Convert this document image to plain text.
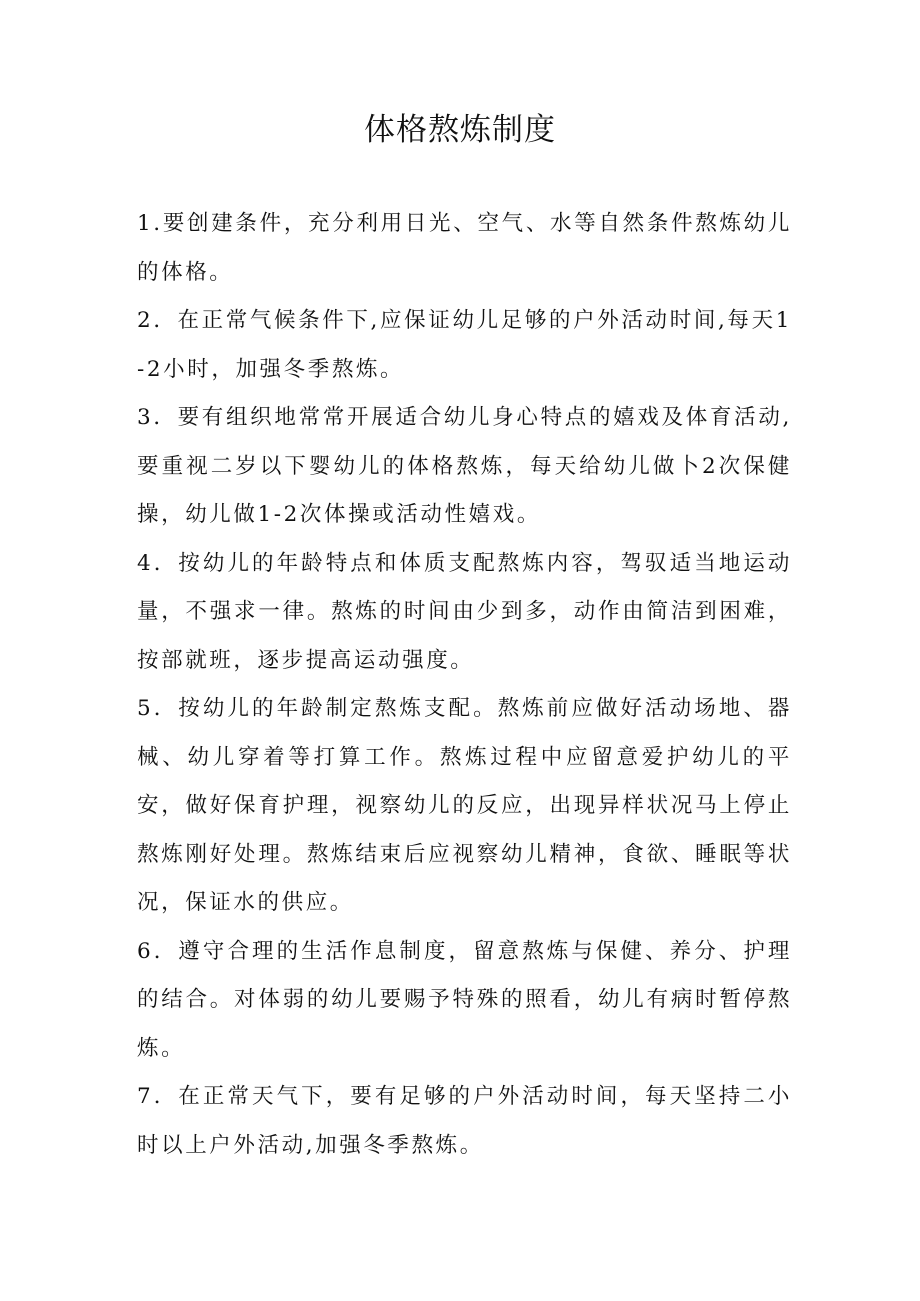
体格熬炼制度

1.要创建条件，充分利用日光、空气、水等自然条件熬炼幼儿的体格。

2．在正常气候条件下,应保证幼儿足够的户外活动时间,每天1-2小时，加强冬季熬炼。

3．要有组织地常常开展适合幼儿身心特点的嬉戏及体育活动,要重视二岁以下婴幼儿的体格熬炼，每天给幼儿做卜2次保健操，幼儿做1-2次体操或活动性嬉戏。

4．按幼儿的年龄特点和体质支配熬炼内容，驾驭适当地运动量，不强求一律。熬炼的时间由少到多，动作由简洁到困难，按部就班，逐步提高运动强度。

5．按幼儿的年龄制定熬炼支配。熬炼前应做好活动场地、器械、幼儿穿着等打算工作。熬炼过程中应留意爱护幼儿的平安，做好保育护理，视察幼儿的反应，出现异样状况马上停止熬炼刚好处理。熬炼结束后应视察幼儿精神，食欲、睡眠等状况，保证水的供应。

6．遵守合理的生活作息制度，留意熬炼与保健、养分、护理的结合。对体弱的幼儿要赐予特殊的照看，幼儿有病时暂停熬炼。

7．在正常天气下，要有足够的户外活动时间，每天坚持二小时以上户外活动,加强冬季熬炼。
